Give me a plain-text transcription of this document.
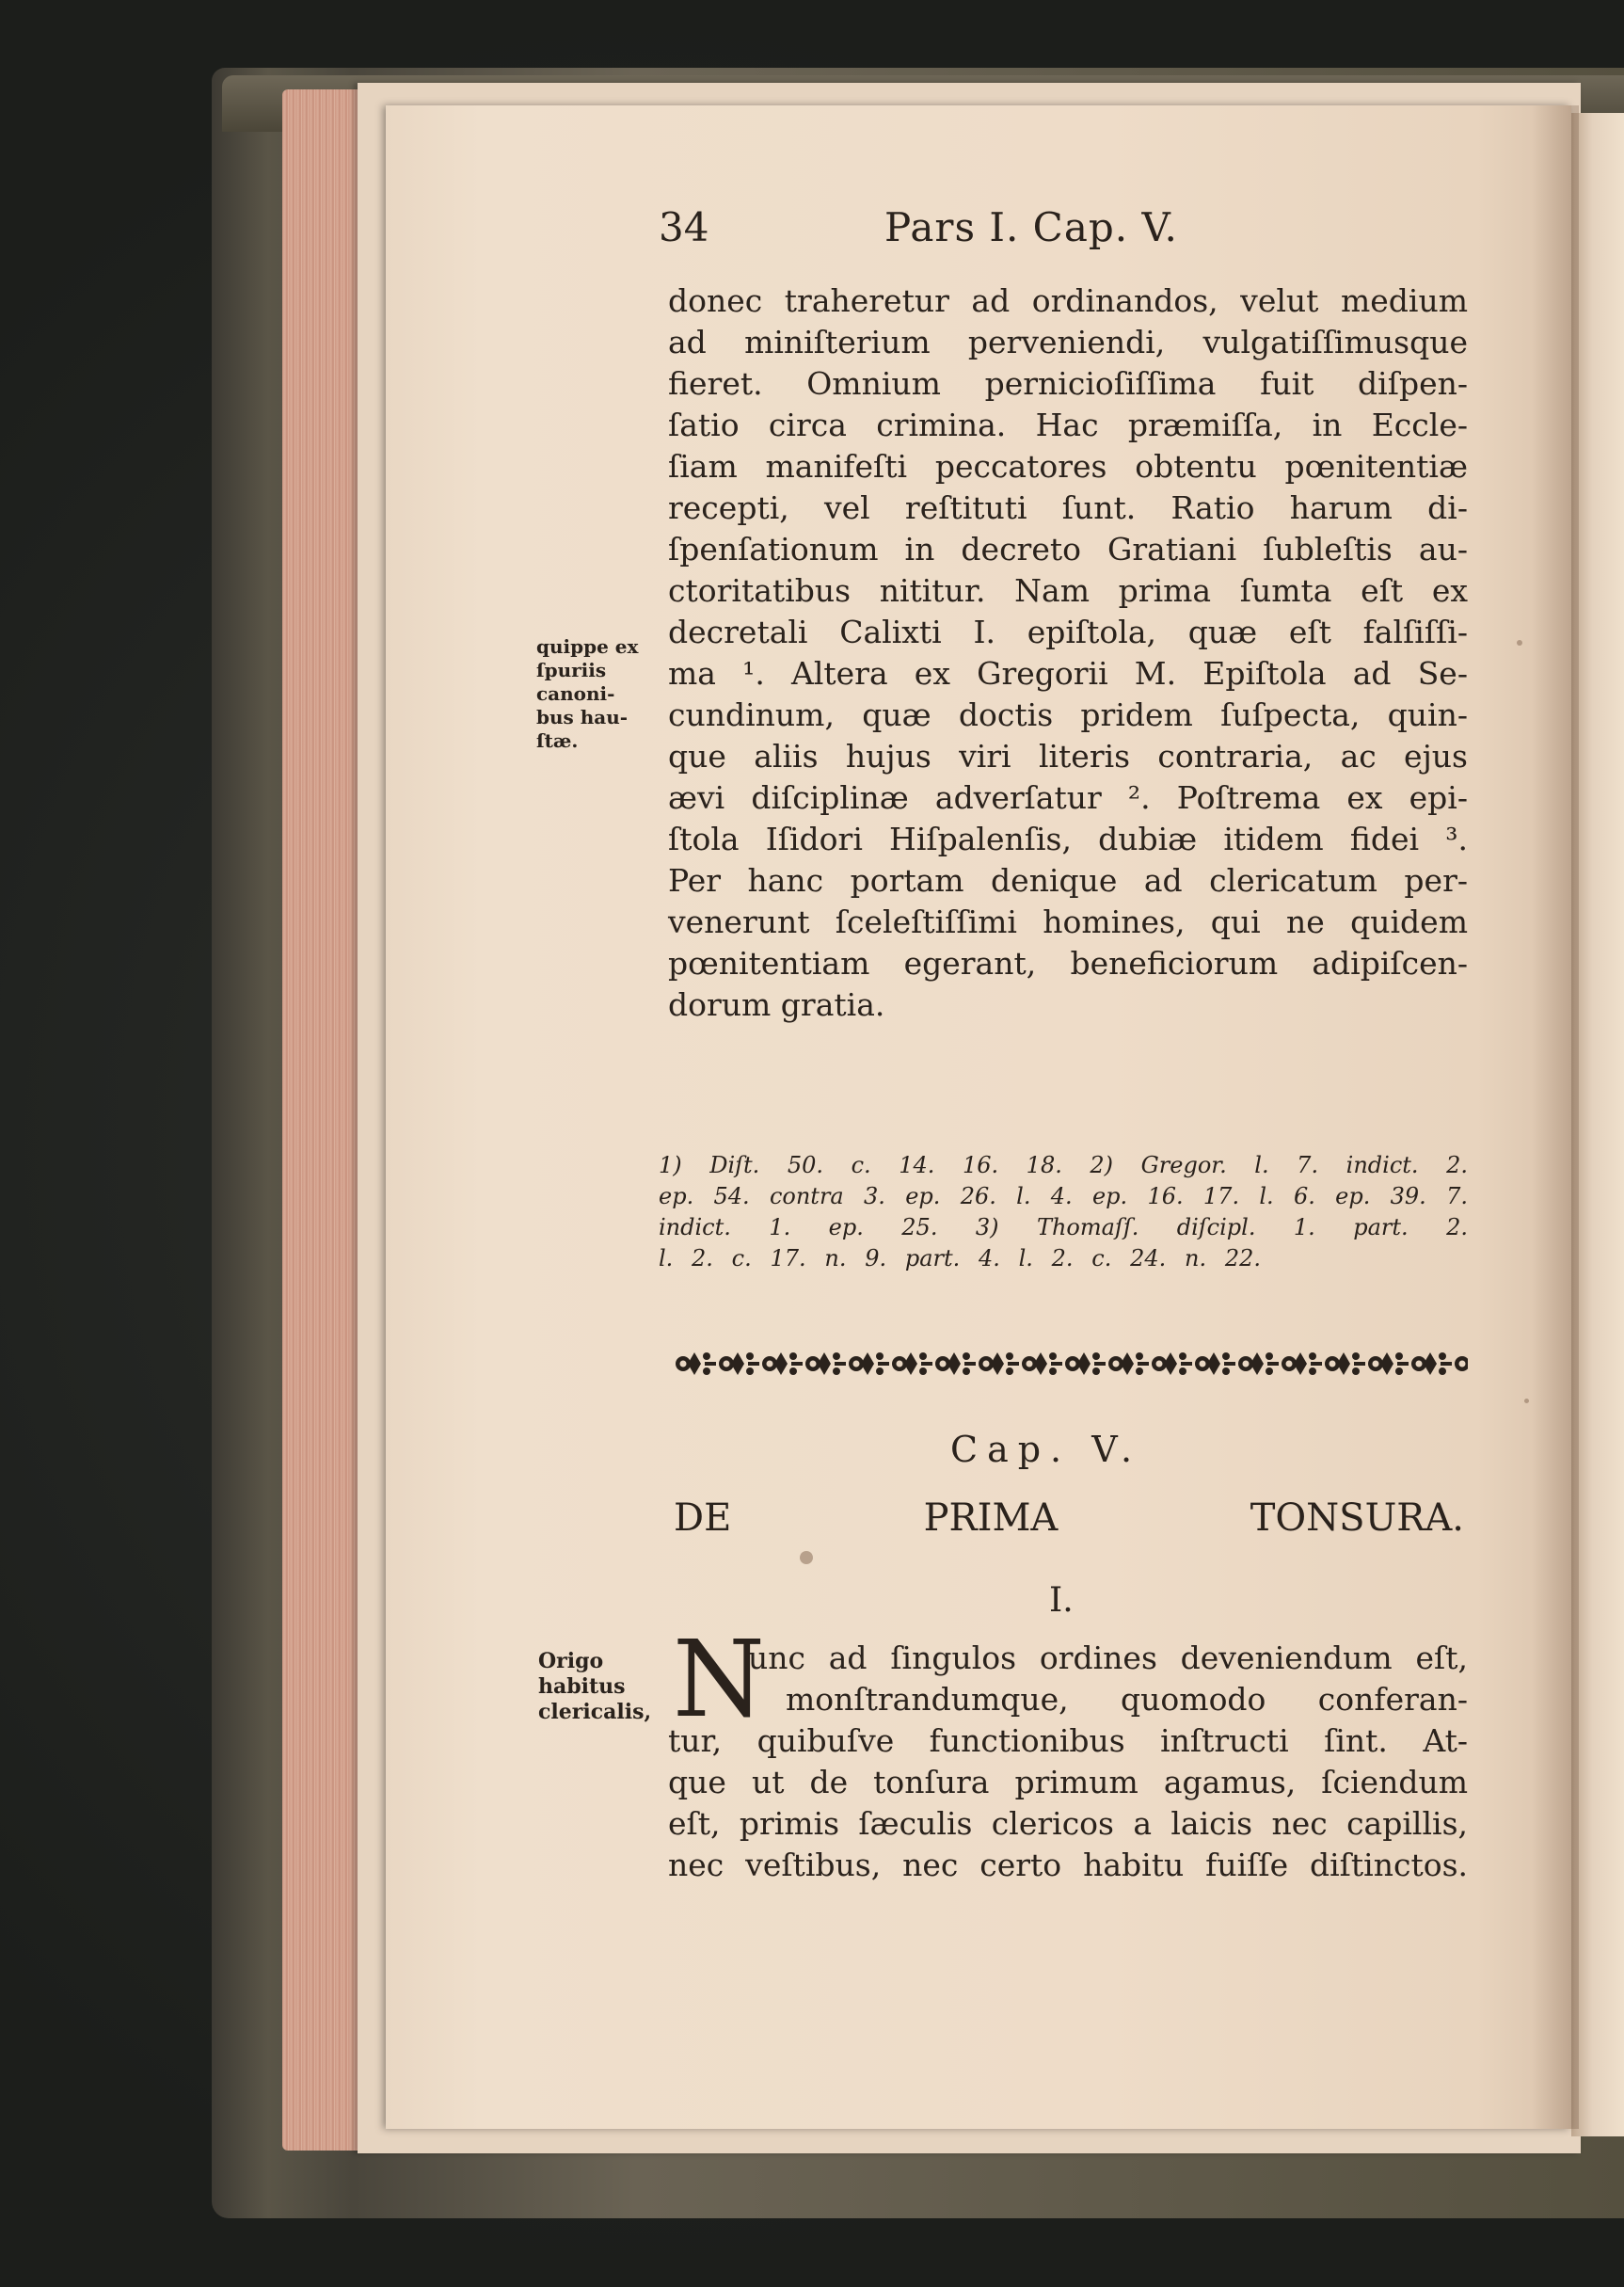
34	Pars I. Cap. V.
donec traheretur ad ordinandos, velut medium
ad miniſterium perveniendi, vulgatiſſimusque
fieret. Omnium pernicioſiſſima fuit diſpen-
ſatio circa crimina. Hac præmiſſa, in Eccle-
ſiam manifeſti peccatores obtentu pœnitentiæ
recepti, vel reſtituti ſunt. Ratio harum di-
ſpenſationum in decreto Gratiani ſubleſtis au-
ctoritatibus nititur. Nam prima ſumta eſt ex
decretali Calixti I. epiſtola, quæ eſt falſiſſi-
ma ¹. Altera ex Gregorii M. Epiſtola ad Se-
cundinum, quæ doctis pridem ſuſpecta, quin-
que aliis hujus viri literis contraria, ac ejus
ævi diſciplinæ adverſatur ². Poſtrema ex epi-
ſtola Iſidori Hiſpalenſis, dubiæ itidem fidei ³.
Per hanc portam denique ad clericatum per-
venerunt ſceleſtiſſimi homines, qui ne quidem
pœnitentiam egerant, beneficiorum adipiſcen-
dorum gratia.
quippe ex
ſpuriis
canoni-
bus hau-
ſtæ.
1) Diſt. 50. c. 14. 16. 18. 2) Gregor. l. 7. indict. 2.
ep. 54. contra 3. ep. 26. l. 4. ep. 16. 17. l. 6. ep. 39. 7.
indict. 1. ep. 25. 3) Thomaſſ. diſcipl. 1. part. 2.
l. 2. c. 17. n. 9. part. 4. l. 2. c. 24. n. 22.
Cap. V.
DE PRIMA TONSURA.
I.
Origo
habitus
clericalis, N
unc ad ſingulos ordines deveniendum eſt,
monſtrandumque, quomodo conferan-
tur, quibuſve functionibus inſtructi ſint. At-
que ut de tonſura primum agamus, ſciendum
eſt, primis ſæculis clericos a laicis nec capillis,
nec veſtibus, nec certo habitu fuiſſe diſtinctos.
